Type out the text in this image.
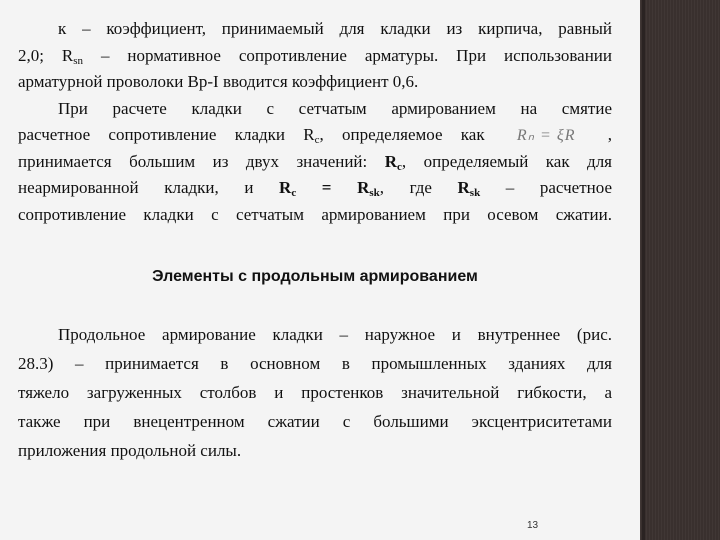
к – коэффициент, принимаемый для кладки из кирпича, равный
2,0; $R_{sn}$ – нормативное сопротивление арматуры. При использовании
арматурной проволоки Вр-I вводится коэффициент 0,6.
При расчете кладки с сетчатым армированием на смятие
расчетное сопротивление кладки $R_c$, определяемое как Rₙ = ξR ,
принимается большим из двух значений: $R_c$, определяемый как для
неармированной кладки, и $R_c = R_{sk}$, где $R_{sk}$ – расчетное
сопротивление кладки с сетчатым армированием при осевом сжатии.
Элементы с продольным армированием
Продольное армирование кладки – наружное и внутреннее (рис.
28.3) – принимается в основном в промышленных зданиях для
тяжело загруженных столбов и простенков значительной гибкости, а
также при внецентренном сжатии с большими эксцентриситетами
приложения продольной силы.
13
